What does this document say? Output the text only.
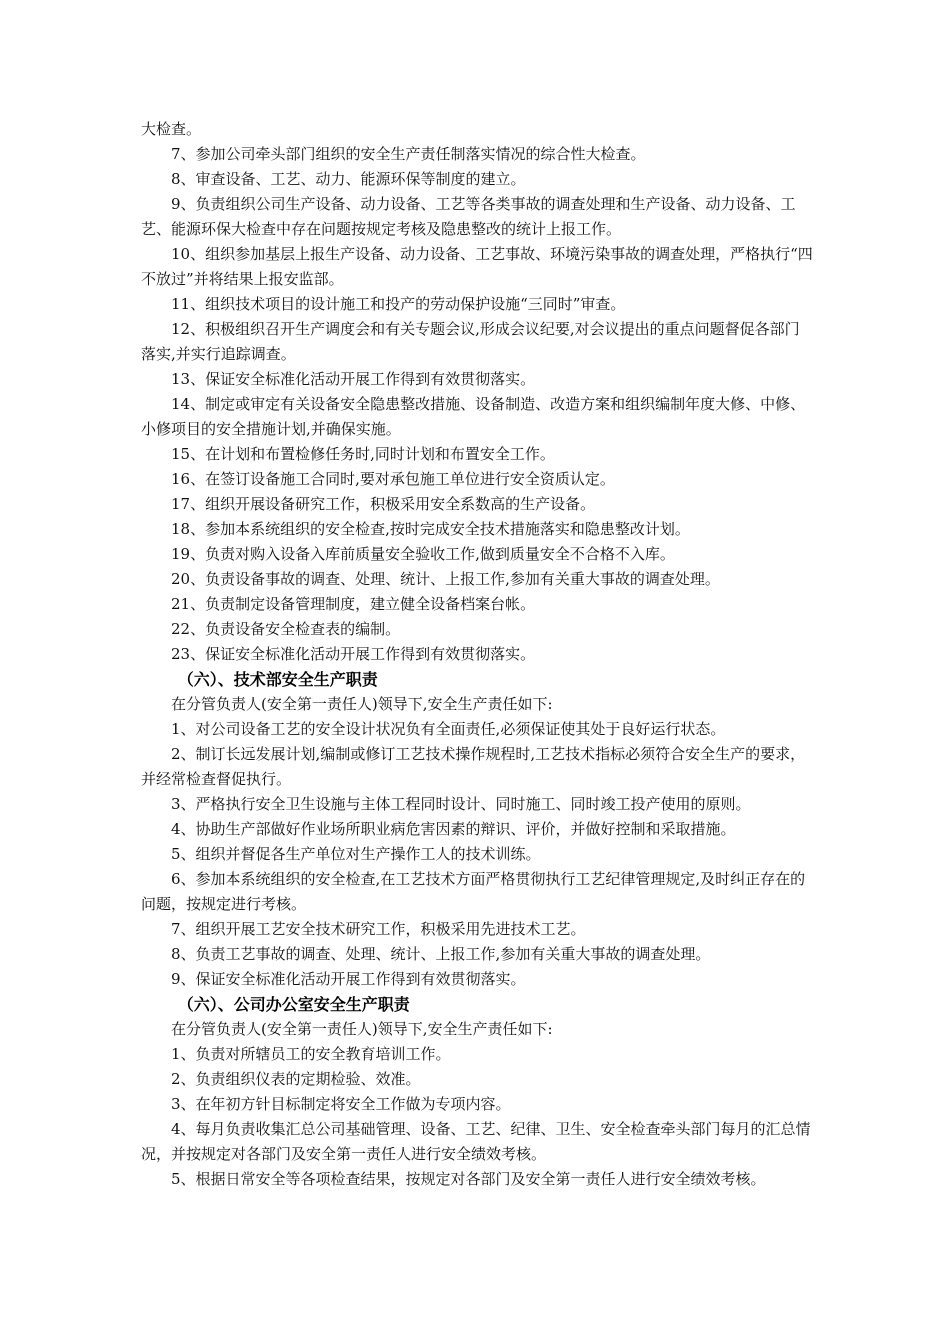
大检查。

7、参加公司牵头部门组织的安全生产责任制落实情况的综合性大检查。

8、审查设备、工艺、动力、能源环保等制度的建立。

9、负责组织公司生产设备、动力设备、工艺等各类事故的调查处理和生产设备、动力设备、工艺、能源环保大检查中存在问题按规定考核及隐患整改的统计上报工作。

10、组织参加基层上报生产设备、动力设备、工艺事故、环境污染事故的调查处理，严格执行“四不放过”并将结果上报安监部。

11、组织技术项目的设计施工和投产的劳动保护设施“三同时”审查。

12、积极组织召开生产调度会和有关专题会议,形成会议纪要,对会议提出的重点问题督促各部门落实,并实行追踪调查。

13、保证安全标准化活动开展工作得到有效贯彻落实。

14、制定或审定有关设备安全隐患整改措施、设备制造、改造方案和组织编制年度大修、中修、小修项目的安全措施计划,并确保实施。

15、在计划和布置检修任务时,同时计划和布置安全工作。

16、在签订设备施工合同时,要对承包施工单位进行安全资质认定。

17、组织开展设备研究工作，积极采用安全系数高的生产设备。

18、参加本系统组织的安全检查,按时完成安全技术措施落实和隐患整改计划。

19、负责对购入设备入库前质量安全验收工作,做到质量安全不合格不入库。

20、负责设备事故的调查、处理、统计、上报工作,参加有关重大事故的调查处理。

21、负责制定设备管理制度，建立健全设备档案台帐。

22、负责设备安全检查表的编制。

23、保证安全标准化活动开展工作得到有效贯彻落实。

（六）、技术部安全生产职责

在分管负责人(安全第一责任人)领导下,安全生产责任如下:

1、对公司设备工艺的安全设计状况负有全面责任,必须保证使其处于良好运行状态。

2、制订长远发展计划,编制或修订工艺技术操作规程时,工艺技术指标必须符合安全生产的要求，并经常检查督促执行。

3、严格执行安全卫生设施与主体工程同时设计、同时施工、同时竣工投产使用的原则。

4、协助生产部做好作业场所职业病危害因素的辩识、评价，并做好控制和采取措施。

5、组织并督促各生产单位对生产操作工人的技术训练。

6、参加本系统组织的安全检查,在工艺技术方面严格贯彻执行工艺纪律管理规定,及时纠正存在的问题，按规定进行考核。

7、组织开展工艺安全技术研究工作，积极采用先进技术工艺。

8、负责工艺事故的调查、处理、统计、上报工作,参加有关重大事故的调查处理。

9、保证安全标准化活动开展工作得到有效贯彻落实。

（六）、公司办公室安全生产职责

在分管负责人(安全第一责任人)领导下,安全生产责任如下:

1、负责对所辖员工的安全教育培训工作。

2、负责组织仪表的定期检验、效准。

3、在年初方针目标制定将安全工作做为专项内容。

4、每月负责收集汇总公司基础管理、设备、工艺、纪律、卫生、安全检查牵头部门每月的汇总情况，并按规定对各部门及安全第一责任人进行安全绩效考核。

5、根据日常安全等各项检查结果，按规定对各部门及安全第一责任人进行安全绩效考核。
